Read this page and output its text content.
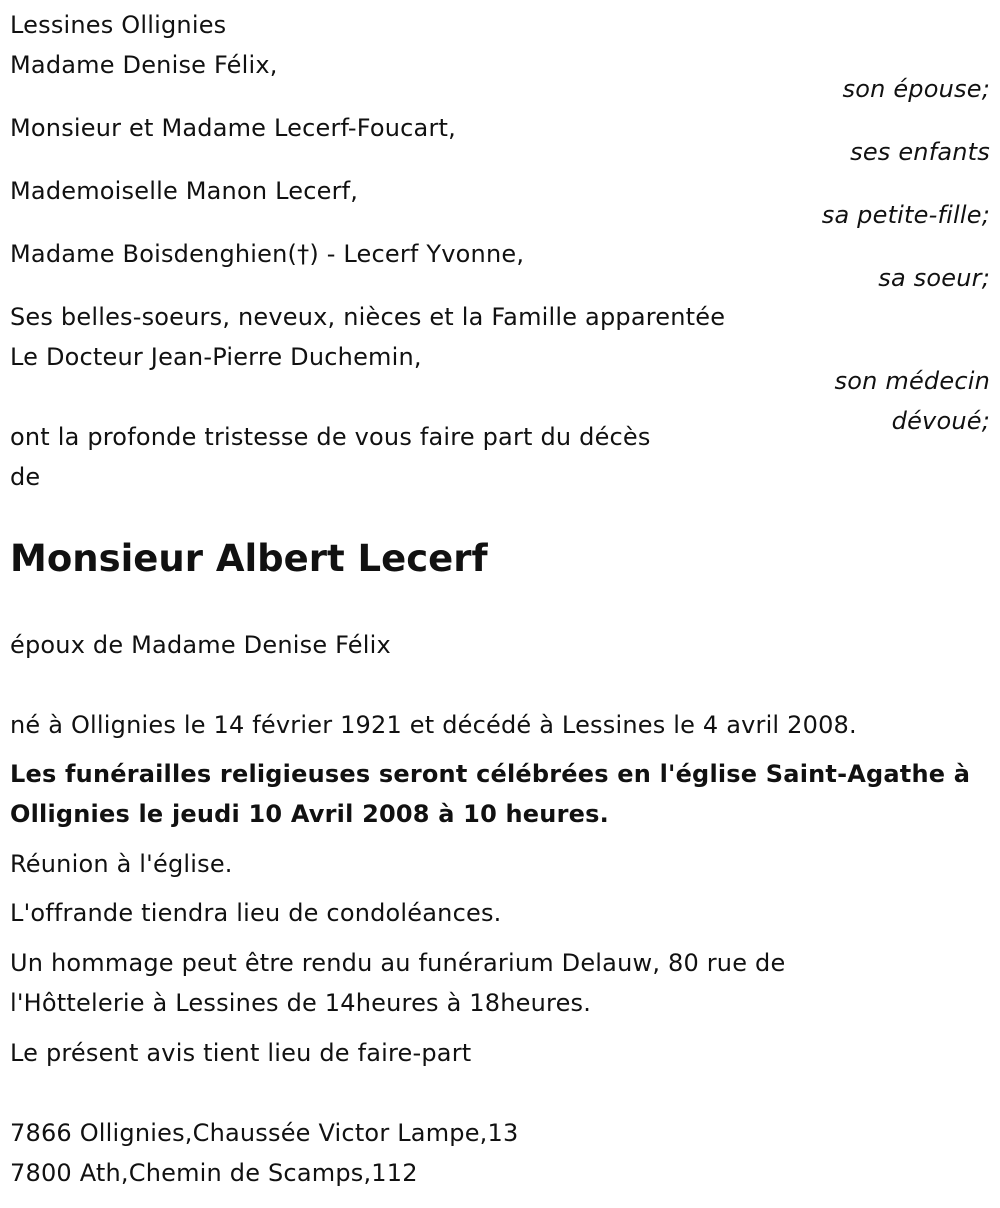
Lessines Ollignies
Madame Denise Félix,
son épouse;
Monsieur et Madame Lecerf-Foucart,
ses enfants
Mademoiselle Manon Lecerf,
sa petite-fille;
Madame Boisdenghien(†) - Lecerf Yvonne,
sa soeur;
Ses belles-soeurs, neveux, nièces et la Famille apparentée
Le Docteur Jean-Pierre Duchemin,
son médecin
dévoué;
ont la profonde tristesse de vous faire part du décès
de
Monsieur Albert Lecerf
époux de Madame Denise Félix
né à Ollignies le 14 février 1921 et décédé à Lessines le 4 avril 2008.
Les funérailles religieuses seront célébrées en l'église Saint-Agathe à
Ollignies le jeudi 10 Avril 2008 à 10 heures.
Réunion à l'église.
L'offrande tiendra lieu de condoléances.
Un hommage peut être rendu au funérarium Delauw, 80 rue de
l'Hôttelerie à Lessines de 14heures à 18heures.
Le présent avis tient lieu de faire-part
7866 Ollignies,Chaussée Victor Lampe,13
7800 Ath,Chemin de Scamps,112
